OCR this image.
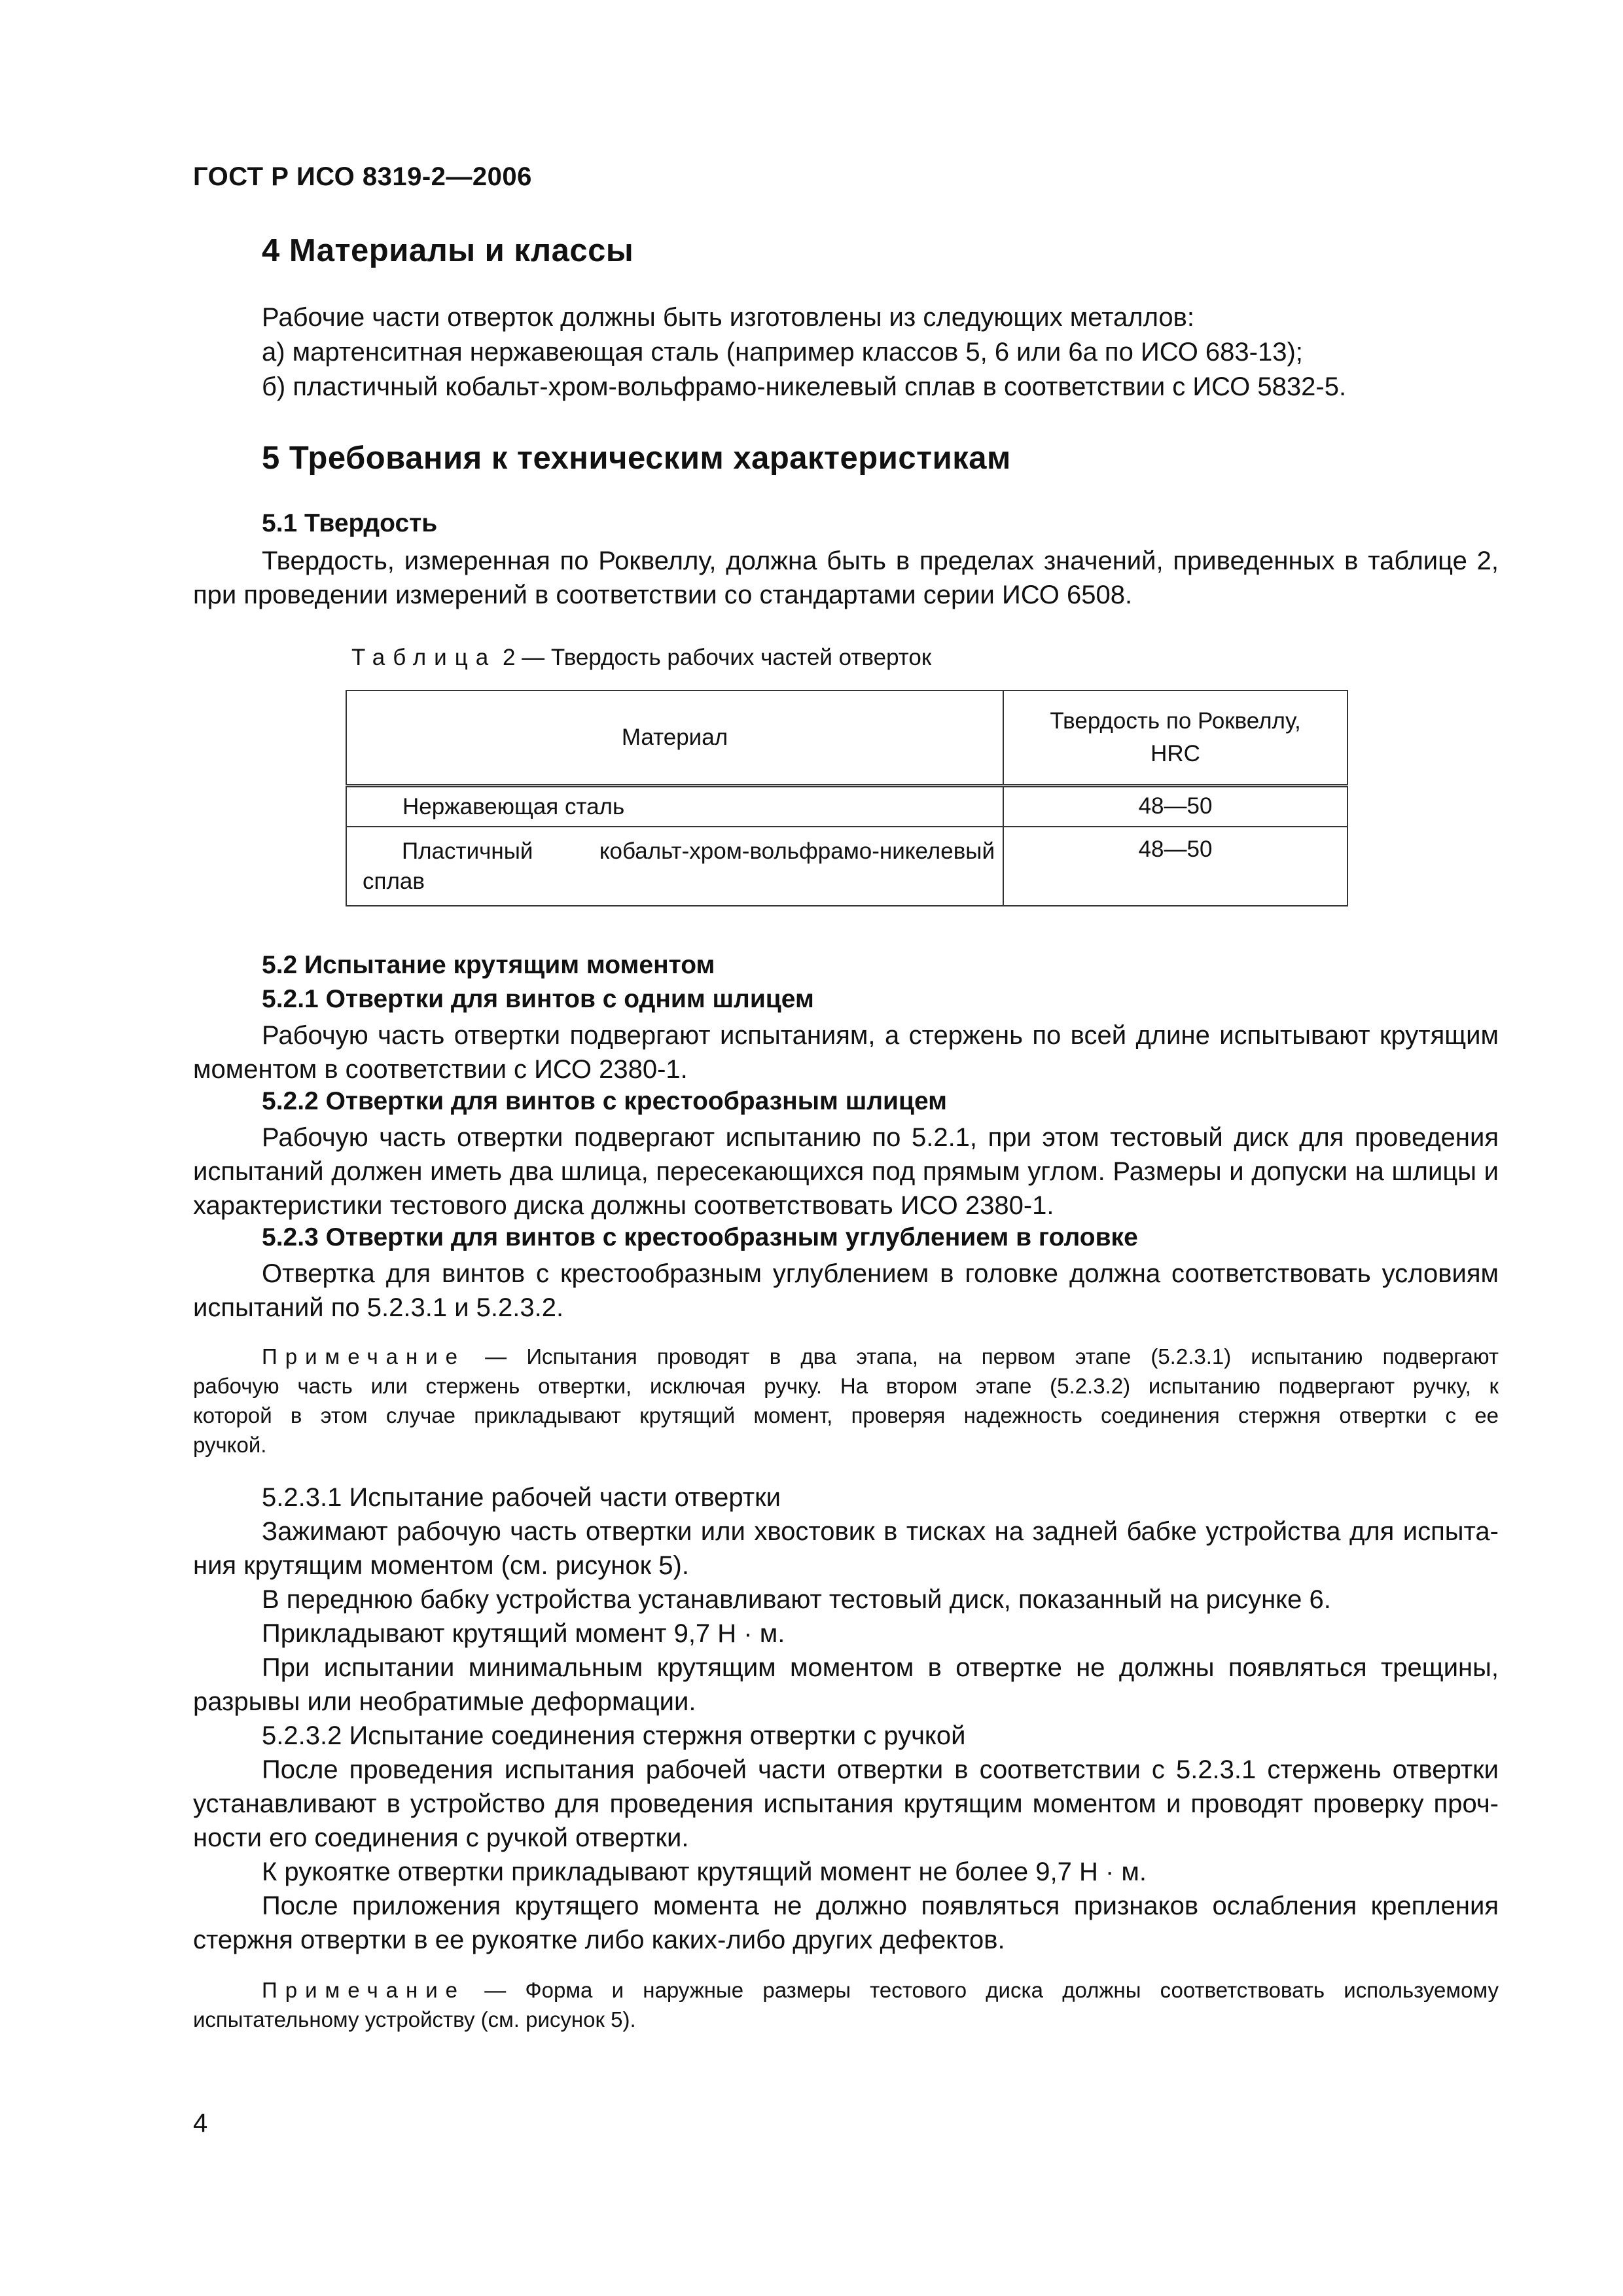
ГОСТ Р ИСО 8319-2—2006
4 Материалы и классы
Рабочие части отверток должны быть изготовлены из следующих металлов:
а) мартенситная нержавеющая сталь (например классов 5, 6 или 6а по ИСО 683-13);
б) пластичный кобальт-хром-вольфрамо-никелевый сплав в соответствии с ИСО 5832-5.
5 Требования к техническим характеристикам
5.1 Твердость
Твердость, измеренная по Роквеллу, должна быть в пределах значений, приведенных в таблице 2,
при проведении измерений в соответствии со стандартами серии ИСО 6508.
Таблица 2 — Твердость рабочих частей отверток
Материал	Твердость по Роквеллу,
HRC

Нержавеющая сталь	48—50

Пластичный кобальт-хром-вольфрамо-никелевый
сплав	48—50
5.2 Испытание крутящим моментом
5.2.1 Отвертки для винтов с одним шлицем
Рабочую часть отвертки подвергают испытаниям, а стержень по всей длине испытывают крутящим
моментом в соответствии с ИСО 2380-1.
5.2.2 Отвертки для винтов с крестообразным шлицем
Рабочую часть отвертки подвергают испытанию по 5.2.1, при этом тестовый диск для проведения
испытаний должен иметь два шлица, пересекающихся под прямым углом. Размеры и допуски на шлицы и
характеристики тестового диска должны соответствовать ИСО 2380-1.
5.2.3 Отвертки для винтов с крестообразным углублением в головке
Отвертка для винтов с крестообразным углублением в головке должна соответствовать условиям
испытаний по 5.2.3.1 и 5.2.3.2.
Примечание — Испытания проводят в два этапа, на первом этапе (5.2.3.1) испытанию подвергают
рабочую часть или стержень отвертки, исключая ручку. На втором этапе (5.2.3.2) испытанию подвергают ручку, к
которой в этом случае прикладывают крутящий момент, проверяя надежность соединения стержня отвертки с ее
ручкой.
5.2.3.1 Испытание рабочей части отвертки
Зажимают рабочую часть отвертки или хвостовик в тисках на задней бабке устройства для испыта-
ния крутящим моментом (см. рисунок 5).
В переднюю бабку устройства устанавливают тестовый диск, показанный на рисунке 6.
Прикладывают крутящий момент 9,7 Н · м.
При испытании минимальным крутящим моментом в отвертке не должны появляться трещины,
разрывы или необратимые деформации.
5.2.3.2 Испытание соединения стержня отвертки с ручкой
После проведения испытания рабочей части отвертки в соответствии с 5.2.3.1 стержень отвертки
устанавливают в устройство для проведения испытания крутящим моментом и проводят проверку проч-
ности его соединения с ручкой отвертки.
К рукоятке отвертки прикладывают крутящий момент не более 9,7 Н · м.
После приложения крутящего момента не должно появляться признаков ослабления крепления
стержня отвертки в ее рукоятке либо каких-либо других дефектов.
Примечание — Форма и наружные размеры тестового диска должны соответствовать используемому
испытательному устройству (см. рисунок 5).
4
